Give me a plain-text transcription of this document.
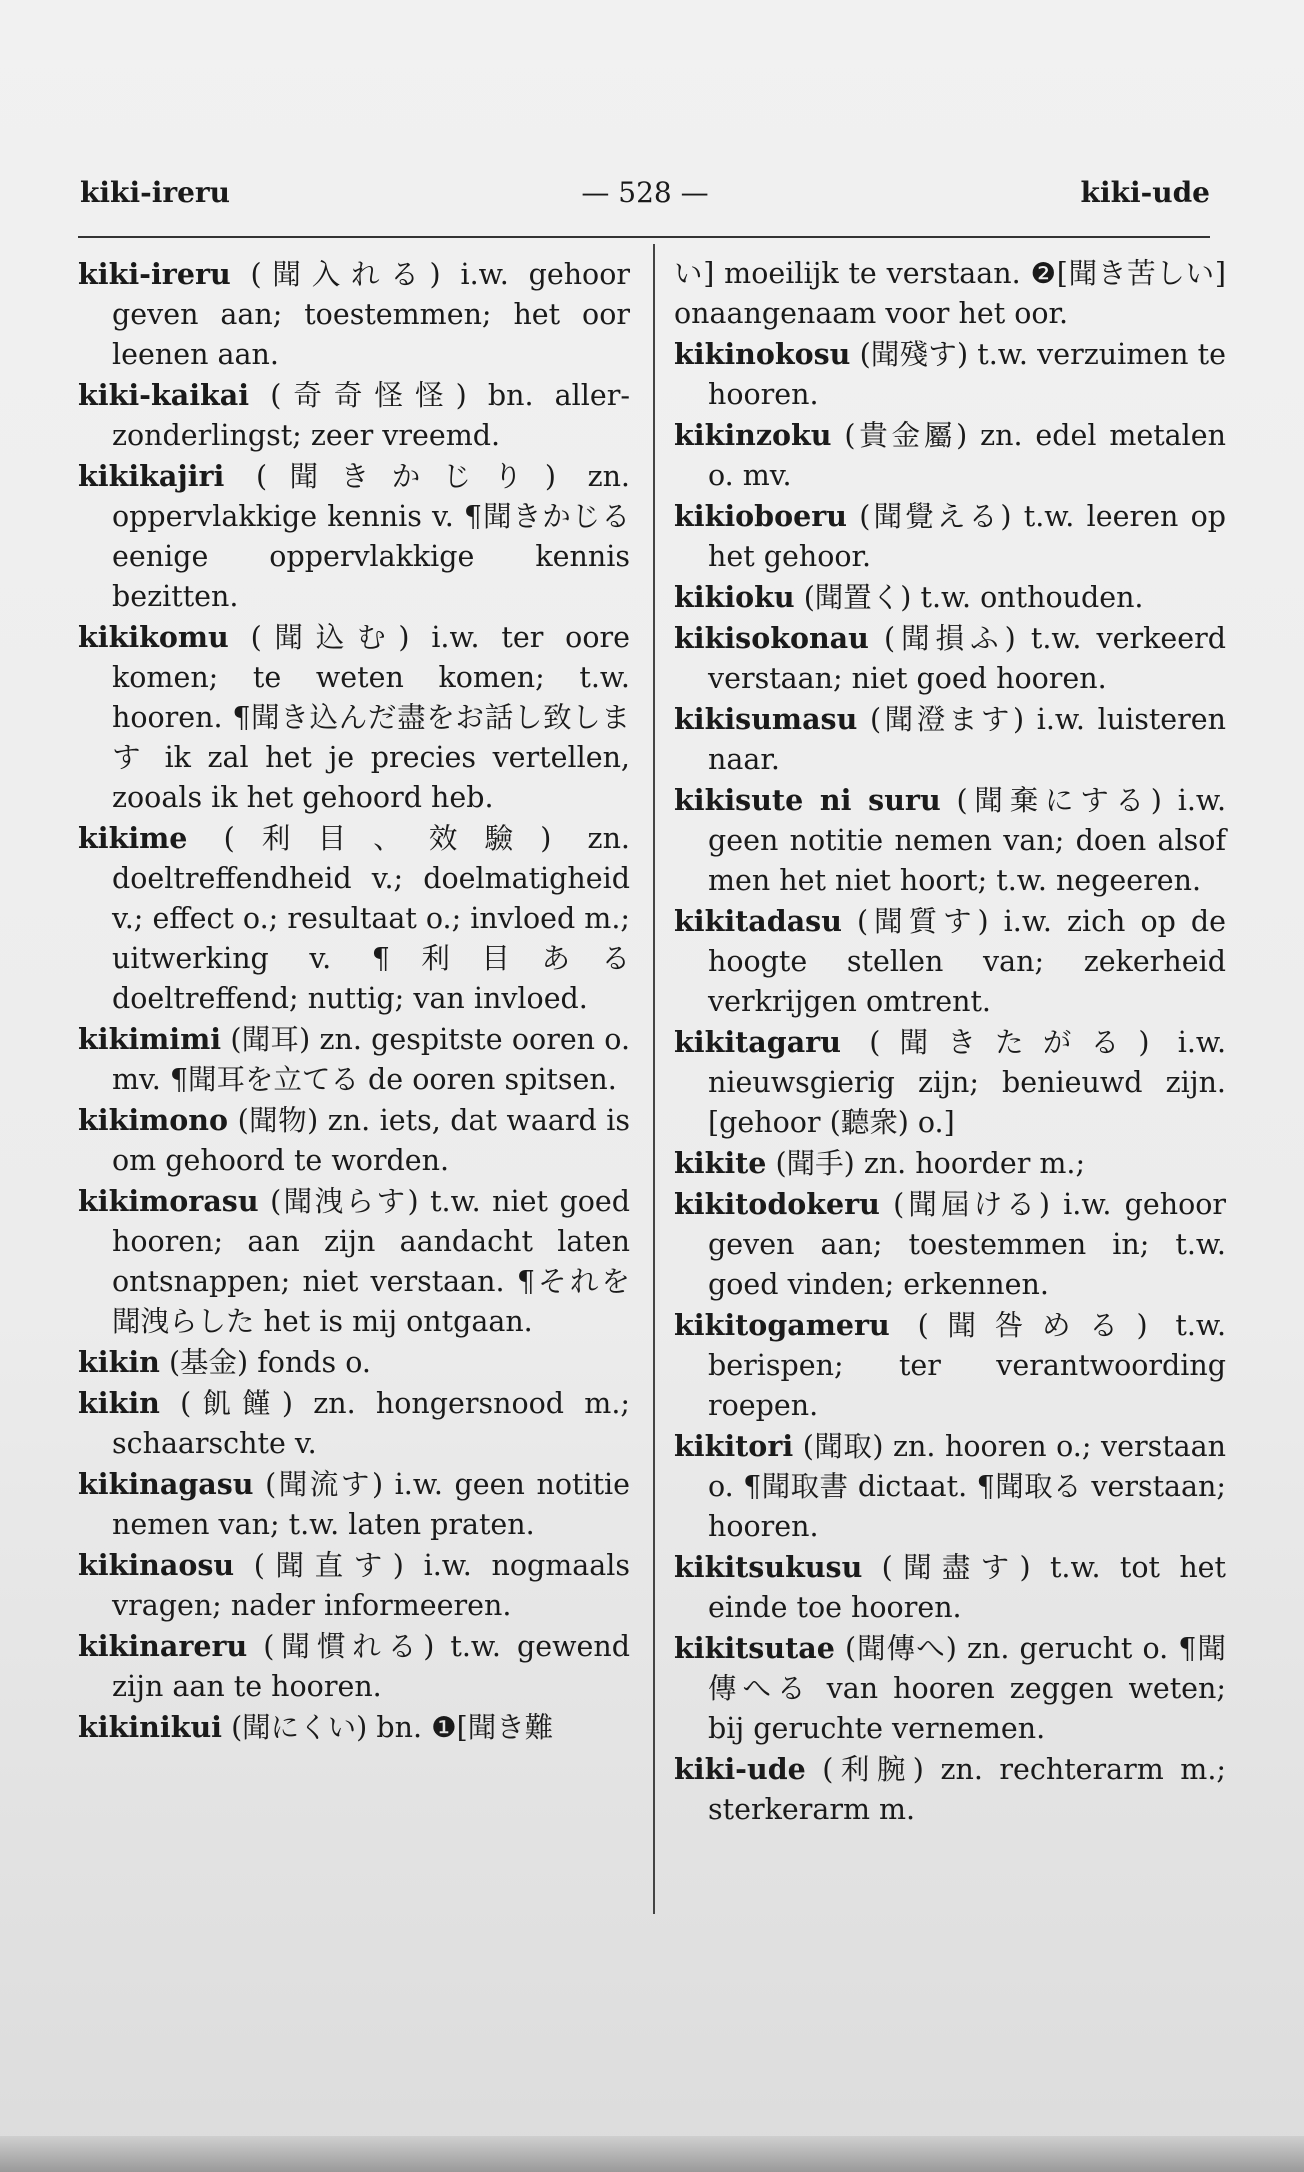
kiki-ireru	— 528 —	kiki-ude

kiki-ireru (聞入れる) i.w. gehoor geven aan; toestemmen; het oor leenen aan.

kiki-kaikai (奇奇怪怪) bn. aller-zonderlingst; zeer vreemd.

kikikajiri (聞きかじり) zn. oppervlakkige kennis v. ¶聞きかじる eenige oppervlakkige kennis bezitten.

kikikomu (聞込む) i.w. ter oore komen; te weten komen; t.w. hooren. ¶聞き込んだ盡をお話し致します ik zal het je precies vertellen, zooals ik het gehoord heb.

kikime (利目、效驗) zn. doeltreffendheid v.; doelmatigheid v.; effect o.; resultaat o.; invloed m.; uitwerking v. ¶利目ある doeltreffend; nuttig; van invloed.

kikimimi (聞耳) zn. gespitste ooren o. mv. ¶聞耳を立てる de ooren spitsen.

kikimono (聞物) zn. iets, dat waard is om gehoord te worden.

kikimorasu (聞洩らす) t.w. niet goed hooren; aan zijn aandacht laten ontsnappen; niet verstaan. ¶それを聞洩らした het is mij ontgaan.

kikin (基金) fonds o.

kikin (飢饉) zn. hongersnood m.; schaarschte v.

kikinagasu (聞流す) i.w. geen notitie nemen van; t.w. laten praten.

kikinaosu (聞直す) i.w. nogmaals vragen; nader informeeren.

kikinareru (聞慣れる) t.w. gewend zijn aan te hooren.

kikinikui (聞にくい) bn. ❶[聞き難

い] moeilijk te verstaan. ❷[聞き苦しい] onaangenaam voor het oor.

kikinokosu (聞殘す) t.w. verzuimen te hooren.

kikinzoku (貴金屬) zn. edel metalen o. mv.

kikioboeru (聞覺える) t.w. leeren op het gehoor.

kikioku (聞置く) t.w. onthouden.

kikisokonau (聞損ふ) t.w. verkeerd verstaan; niet goed hooren.

kikisumasu (聞澄ます) i.w. luisteren naar.

kikisute ni suru (聞棄にする) i.w. geen notitie nemen van; doen alsof men het niet hoort; t.w. negeeren.

kikitadasu (聞質す) i.w. zich op de hoogte stellen van; zekerheid verkrijgen omtrent.

kikitagaru (聞きたがる) i.w. nieuwsgierig zijn; benieuwd zijn. [gehoor (聽衆) o.]

kikite (聞手) zn. hoorder m.;

kikitodokeru (聞屆ける) i.w. gehoor geven aan; toestemmen in; t.w. goed vinden; erkennen.

kikitogameru (聞咎める) t.w. berispen; ter verantwoording roepen.

kikitori (聞取) zn. hooren o.; verstaan o. ¶聞取書 dictaat. ¶聞取る verstaan; hooren.

kikitsukusu (聞盡す) t.w. tot het einde toe hooren.

kikitsutae (聞傳へ) zn. gerucht o. ¶聞傳へる van hooren zeggen weten; bij geruchte vernemen.

kiki-ude (利腕) zn. rechterarm m.; sterkerarm m.
